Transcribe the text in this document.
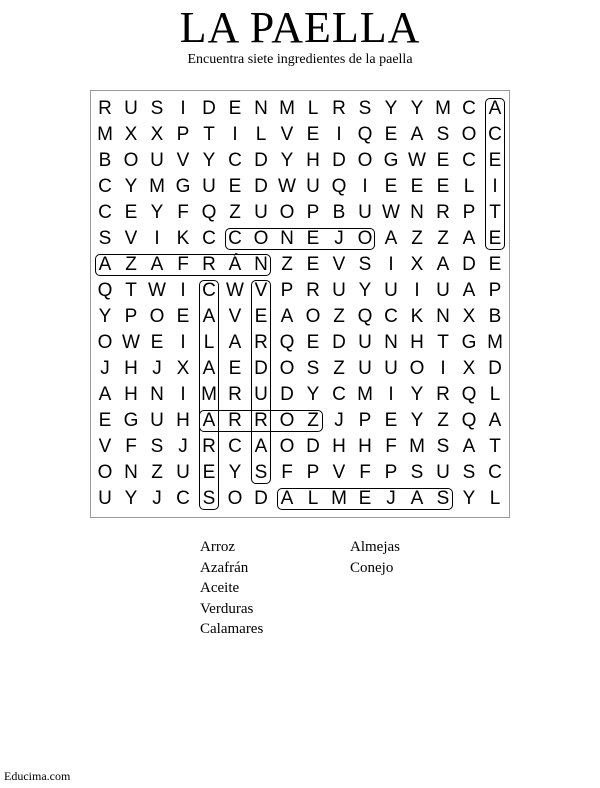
LA PAELLA
Encuentra siete ingredientes de la paella
R U S I D E N M L R S Y Y M C A
M X X P T I L V E I Q E A S O C
B O U V Y C D Y H D O G W E C E
C Y M G U E D W U Q I E E E L I
C E Y F Q Z U O P B U W N R P T
S V I K C C O N E J O A Z Z A E
A Z A F R Á N Z E V S I X A D E
Q T W I C W V P R U Y U I U A P
Y P O E A V E A O Z Q C K N X B
O W E I L A R Q E D U N H T G M
J H J X A E D O S Z U U O I X D
A H N I M R U D Y C M I Y R Q L
E G U H A R R O Z J P E Y Z Q A
V F S J R C A O D H H F M S A T
O N Z U E Y S F P V F P S U S C
U Y J C S O D A L M E J A S Y L
Arroz
Azafrán
Aceite
Verduras
Calamares
Almejas
Conejo
Educima.com
